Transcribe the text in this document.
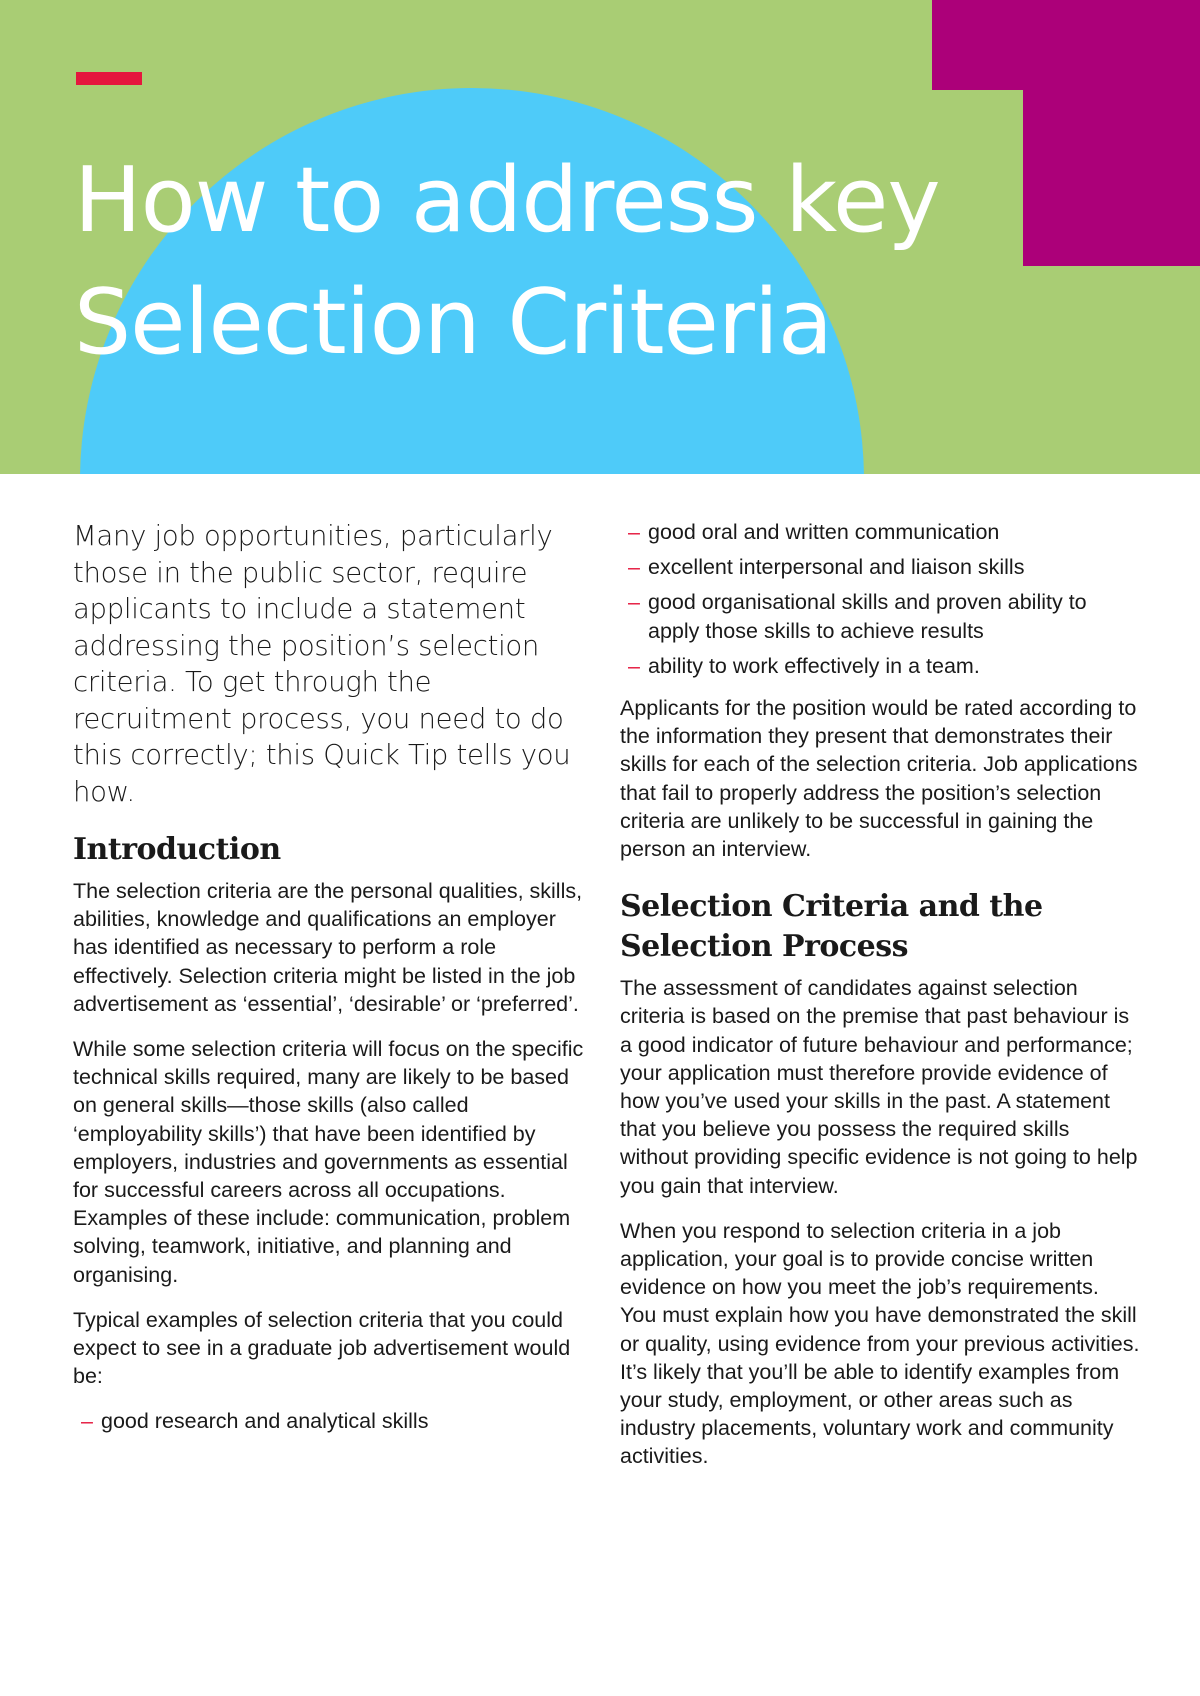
How to address key
Selection Criteria

Many job opportunities, particularly those in the public sector, require applicants to include a statement addressing the position’s selection criteria. To get through the recruitment process, you need to do this correctly; this Quick Tip tells you how.

Introduction

The selection criteria are the personal qualities, skills, abilities, knowledge and qualifications an employer has identified as necessary to perform a role effectively. Selection criteria might be listed in the job advertisement as ‘essential’, ‘desirable’ or ‘preferred’.

While some selection criteria will focus on the specific technical skills required, many are likely to be based on general skills—those skills (also called ‘employability skills’) that have been identified by employers, industries and governments as essential for successful careers across all occupations. Examples of these include: communication, problem solving, teamwork, initiative, and planning and organising.

Typical examples of selection criteria that you could expect to see in a graduate job advertisement would be:

– good research and analytical skills
– good oral and written communication
– excellent interpersonal and liaison skills
– good organisational skills and proven ability to apply those skills to achieve results
– ability to work effectively in a team.

Applicants for the position would be rated according to the information they present that demonstrates their skills for each of the selection criteria. Job applications that fail to properly address the position’s selection criteria are unlikely to be successful in gaining the person an interview.

Selection Criteria and the Selection Process

The assessment of candidates against selection criteria is based on the premise that past behaviour is a good indicator of future behaviour and performance; your application must therefore provide evidence of how you’ve used your skills in the past. A statement that you believe you possess the required skills without providing specific evidence is not going to help you gain that interview.

When you respond to selection criteria in a job application, your goal is to provide concise written evidence on how you meet the job’s requirements. You must explain how you have demonstrated the skill or quality, using evidence from your previous activities. It’s likely that you’ll be able to identify examples from your study, employment, or other areas such as industry placements, voluntary work and community activities.
